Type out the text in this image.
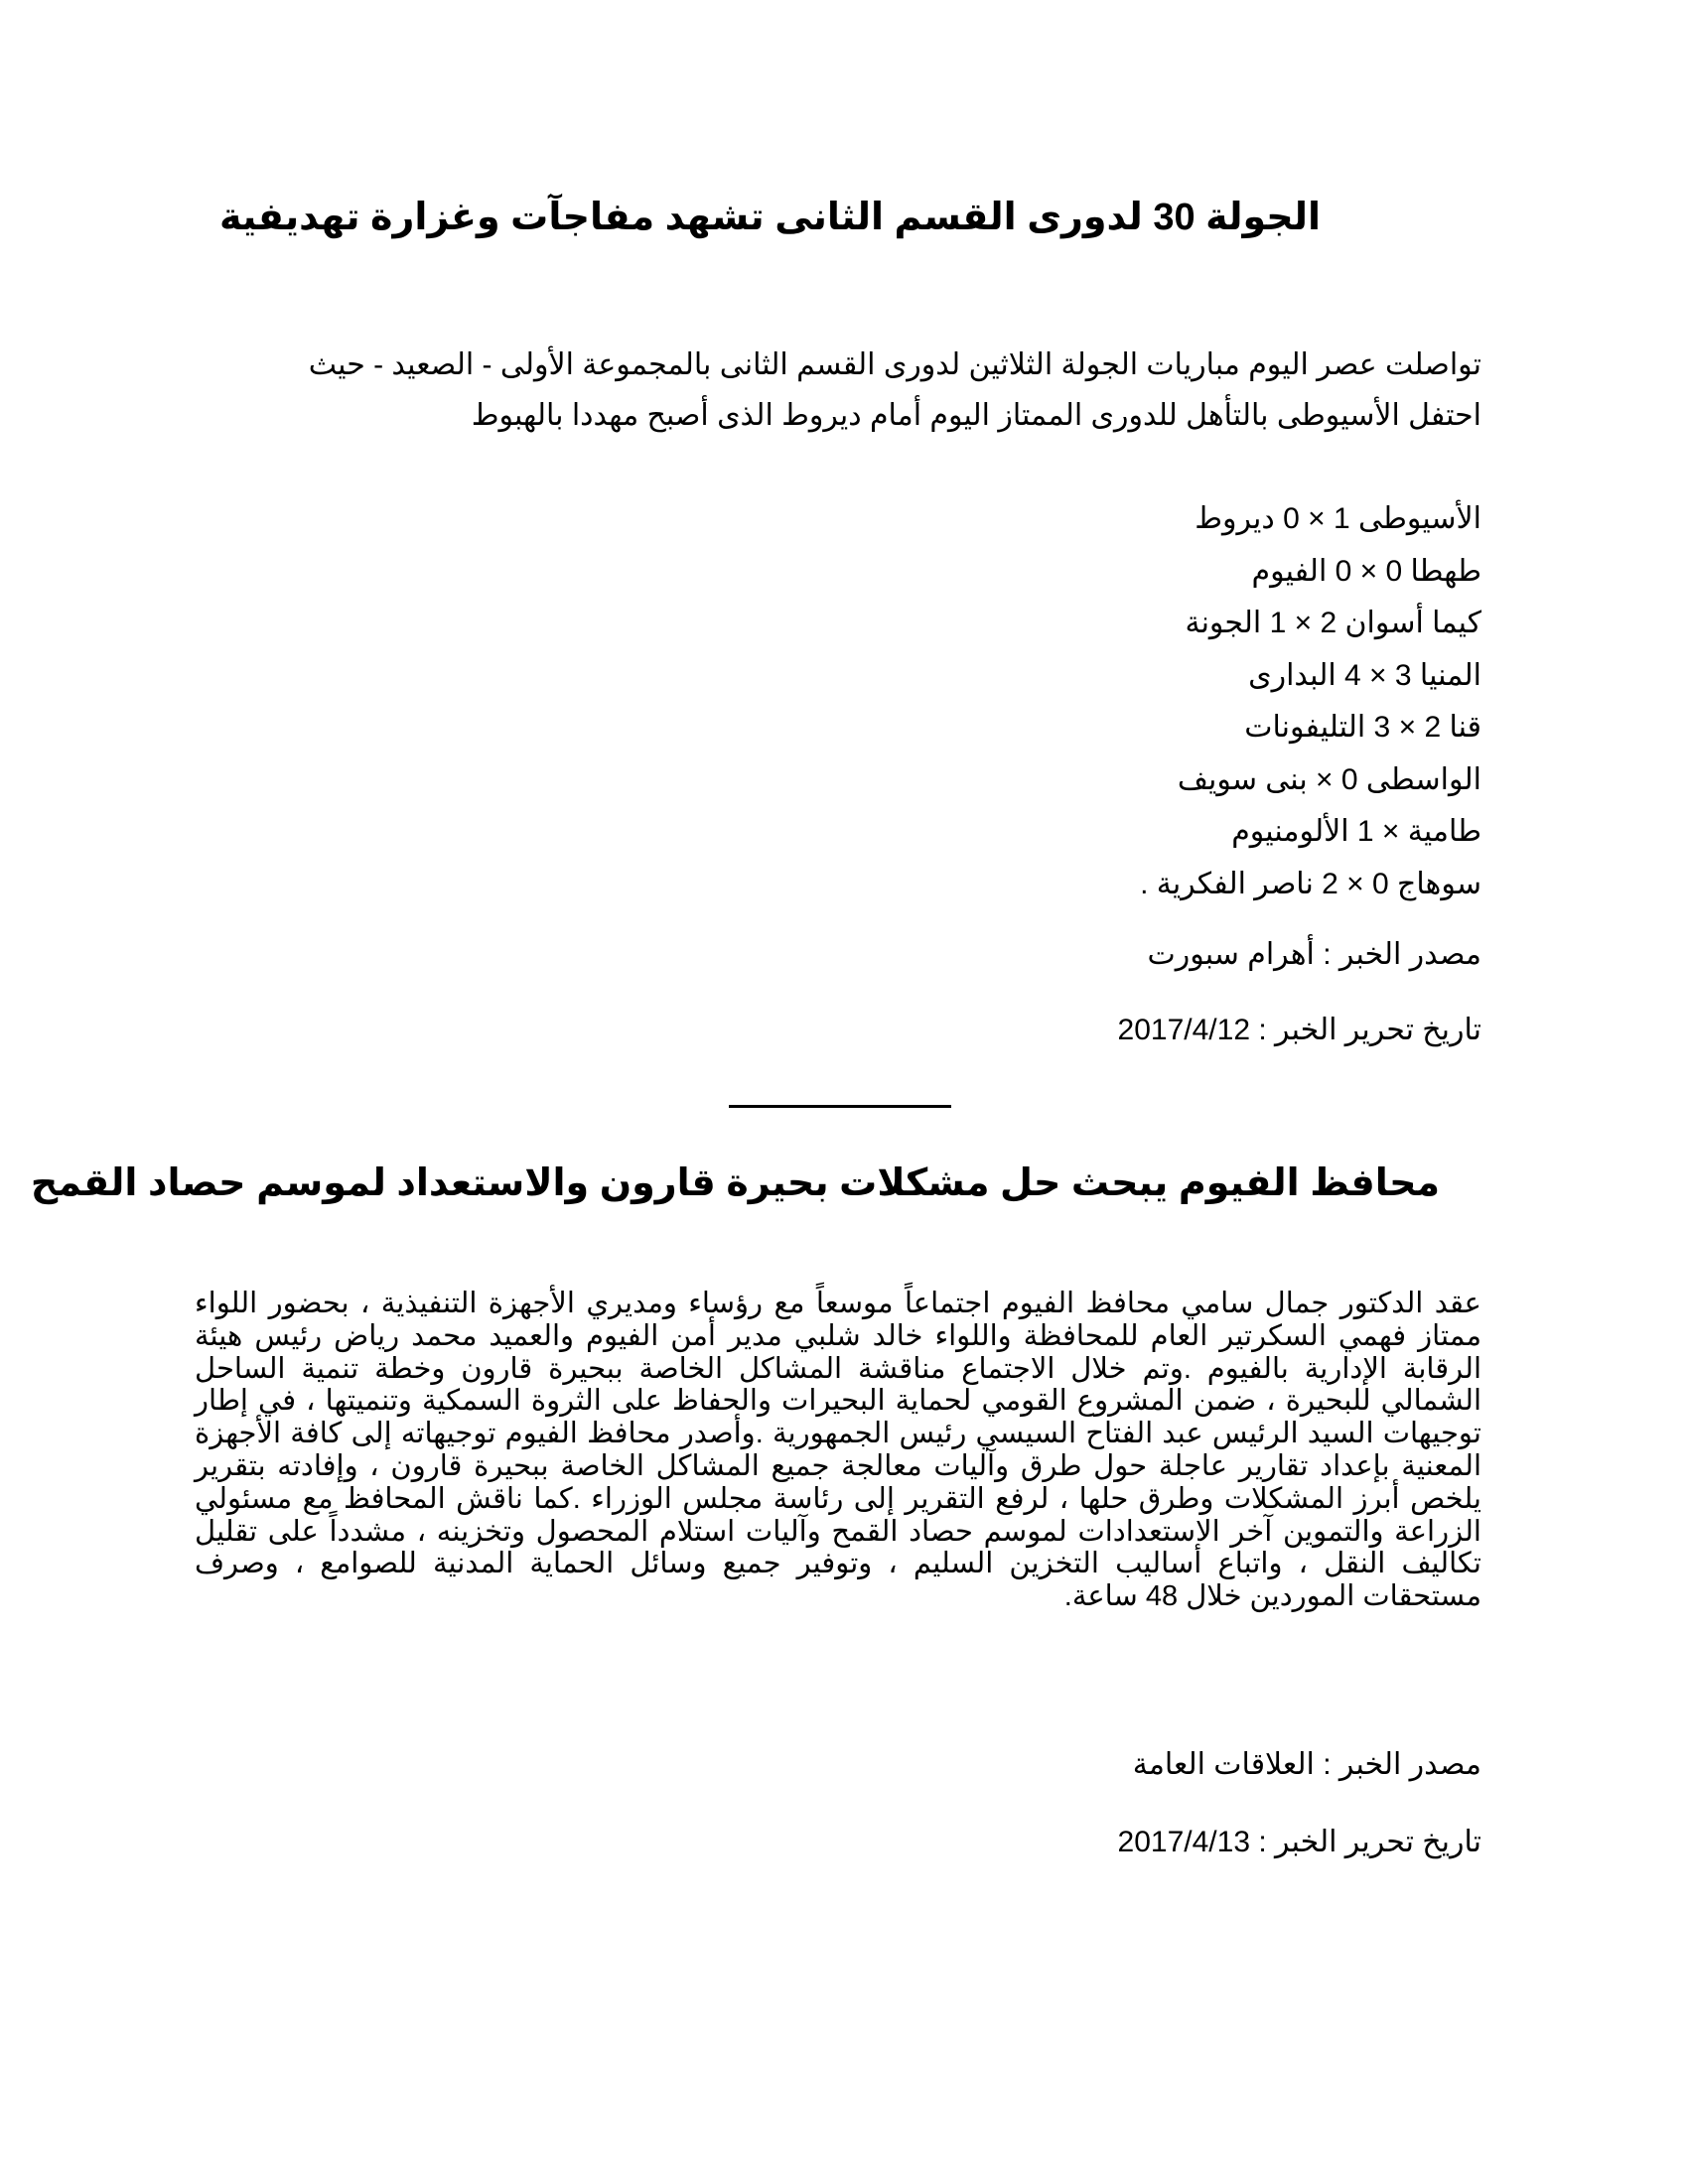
الجولة 30 لدورى القسم الثانى تشهد مفاجآت وغزارة تهديفية
تواصلت عصر اليوم مباريات الجولة الثلاثين لدورى القسم الثانى بالمجموعة الأولى - الصعيد - حيث
احتفل الأسيوطى بالتأهل للدورى الممتاز اليوم أمام ديروط الذى أصبح مهددا بالهبوط
الأسيوطى 1 × 0 ديروط
طهطا 0 × 0 الفيوم
كيما أسوان 2 × 1 الجونة
المنيا 3 × 4 البدارى
قنا 2 × 3 التليفونات
الواسطى 0 × بنى سويف
طامية × 1 الألومنيوم
سوهاج 0 × 2 ناصر الفكرية .
مصدر الخبر : أهرام سبورت
تاريخ تحرير الخبر : 2017/4/12
محافظ الفيوم يبحث حل مشكلات بحيرة قارون والاستعداد لموسم حصاد القمح
عقد الدكتور جمال سامي محافظ الفيوم اجتماعاً موسعاً مع رؤساء ومديري الأجهزة التنفيذية ، بحضور اللواء ممتاز فهمي السكرتير العام للمحافظة واللواء خالد شلبي مدير أمن الفيوم والعميد محمد رياض رئيس هيئة الرقابة الإدارية بالفيوم .وتم خلال الاجتماع مناقشة المشاكل الخاصة ببحيرة قارون وخطة تنمية الساحل الشمالي للبحيرة ، ضمن المشروع القومي لحماية البحيرات والحفاظ على الثروة السمكية وتنميتها ، في إطار توجيهات السيد الرئيس عبد الفتاح السيسي رئيس الجمهورية .وأصدر محافظ الفيوم توجيهاته إلى كافة الأجهزة المعنية بإعداد تقارير عاجلة حول طرق وآليات معالجة جميع المشاكل الخاصة ببحيرة قارون ، وإفادته بتقرير يلخص أبرز المشكلات وطرق حلها ، لرفع التقرير إلى رئاسة مجلس الوزراء .كما ناقش المحافظ مع مسئولي الزراعة والتموين آخر الاستعدادات لموسم حصاد القمح وآليات استلام المحصول وتخزينه ، مشدداً على تقليل تكاليف النقل ، واتباع أساليب التخزين السليم ، وتوفير جميع وسائل الحماية المدنية للصوامع ، وصرف مستحقات الموردين خلال 48 ساعة.
مصدر الخبر : العلاقات العامة
تاريخ تحرير الخبر : 2017/4/13
